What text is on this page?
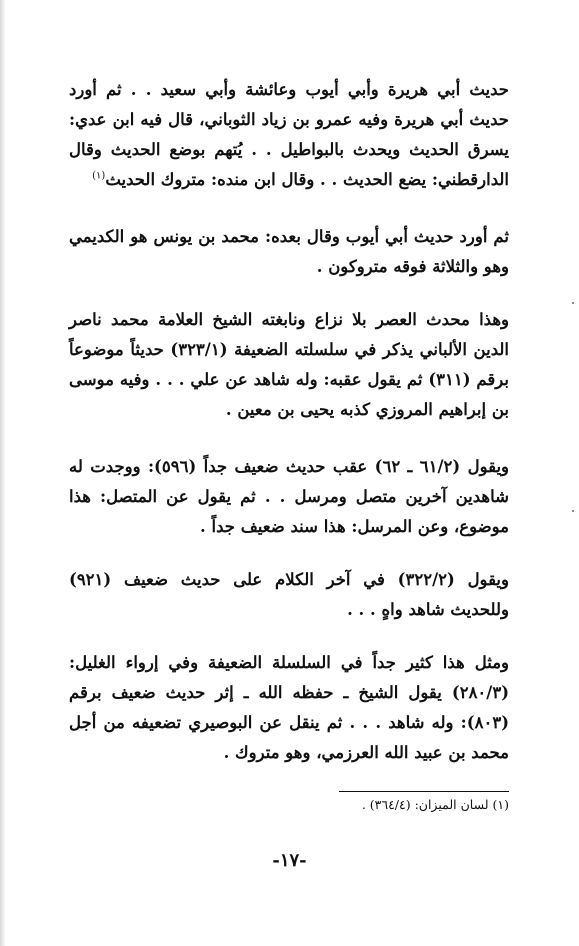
حديث أبي هريرة وأبي أيوب وعائشة وأبي سعيد . . ثم أورد حديث أبي هريرة وفيه عمرو بن زياد الثوباني، قال فيه ابن عدي: يسرق الحديث ويحدث بالبواطيل . . يُتهم بوضع الحديث وقال الدارقطني: يضع الحديث . . وقال ابن منده: متروك الحديث$^{(١)}$
ثم أورد حديث أبي أيوب وقال بعده: محمد بن يونس هو الكديمي وهو والثلاثة فوقه متروكون .
وهذا محدث العصر بلا نزاع ونابغته الشيخ العلامة محمد ناصر الدين الألباني يذكر في سلسلته الضعيفة (٣٢٣/١) حديثاً موضوعاً برقم (٣١١) ثم يقول عقبه: وله شاهد عن علي . . . وفيه موسى بن إبراهيم المروزي كذبه يحيى بن معين .
ويقول (٦١/٢ ـ ٦٢) عقب حديث ضعيف جداً (٥٩٦): ووجدت له شاهدين آخرين متصل ومرسل . . ثم يقول عن المتصل: هذا موضوع، وعن المرسل: هذا سند ضعيف جداً .
ويقول (٣٢٢/٢) في آخر الكلام على حديث ضعيف (٩٢١) وللحديث شاهد واهٍ . . .
ومثل هذا كثير جداً في السلسلة الضعيفة وفي إرواء الغليل: (٢٨٠/٣) يقول الشيخ ـ حفظه الله ـ إثر حديث ضعيف برقم (٨٠٣): وله شاهد . . . ثم ينقل عن البوصيري تضعيفه من أجل محمد بن عبيد الله العرزمي، وهو متروك .
(١) لسان الميزان: (٣٦٤/٤) .
-١٧-
